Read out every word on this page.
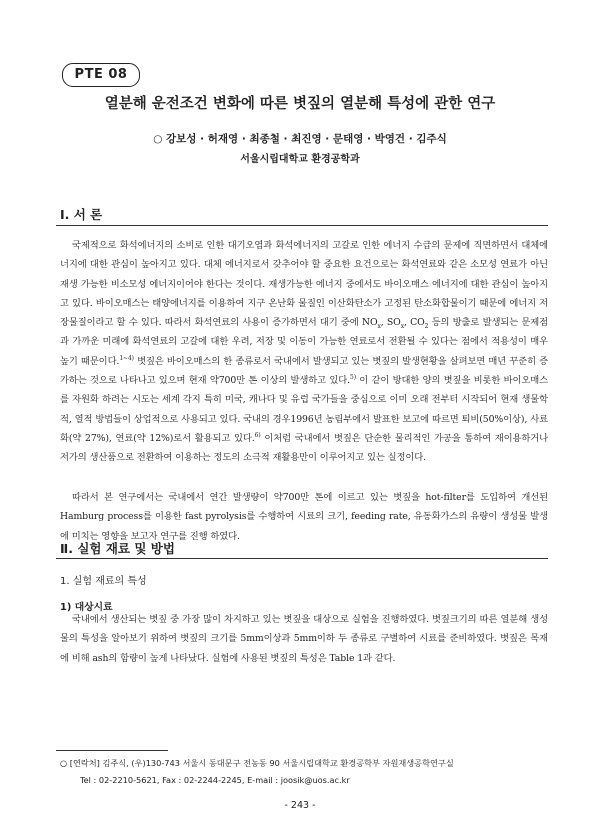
PTE 08
열분해 운전조건 변화에 따른 볏짚의 열분해 특성에 관한 연구
○ 강보성 · 허재영 · 최종철 · 최진영 · 문태영 · 박영건 · 김주식
서울시립대학교 환경공학과
Ⅰ. 서 론

국제적으로 화석에너지의 소비로 인한 대기오염과 화석에너지의 고갈로 인한 에너지 수급의 문제에 직면하면서 대체에너지에 대한 관심이 높아지고 있다. 대체 에너지로서 갖추어야 할 중요한 요건으로는 화석연료와 같은 소모성 연료가 아닌 재생 가능한 비소모성 에너지이어야 한다는 것이다. 재생가능한 에너지 중에서도 바이오매스 에너지에 대한 관심이 높아지고 있다. 바이오매스는 태양에너지를 이용하여 지구 온난화 물질인 이산화탄소가 고정된 탄소화합물이기 때문에 에너지 저장물질이라고 할 수 있다. 따라서 화석연료의 사용이 증가하면서 대기 중에 $NO_x$, $SO_x$, $CO_2$ 등의 방출로 발생되는 문제점과 가까운 미래에 화석연료의 고갈에 대한 우려, 저장 및 이동이 가능한 연료로서 전환될 수 있다는 점에서 적용성이 매우 높기 때문이다.$^{1\sim 4)}$ 볏짚은 바이오매스의 한 종류로서 국내에서 발생되고 있는 볏짚의 발생현황을 살펴보면 매년 꾸준히 증가하는 것으로 나타나고 있으며 현재 약700만 톤 이상의 발생하고 있다.$^{5)}$ 이 같이 방대한 양의 볏짚을 비롯한 바이오매스를 자원화 하려는 시도는 세계 각지 특히 미국, 캐나다 및 유럽 국가들을 중심으로 이미 오래 전부터 시작되어 현재 생물학적, 열적 방법들이 상업적으로 사용되고 있다. 국내의 경우1996년 농림부에서 발표한 보고에 따르면 퇴비(50%이상), 사료화(약 27%), 연료(약 12%)로서 활용되고 있다.$^{6)}$ 이처럼 국내에서 볏짚은 단순한 물리적인 가공을 통하여 재이용하거나 저가의 생산품으로 전환하여 이용하는 정도의 소극적 재활용만이 이루어지고 있는 실정이다.

따라서 본 연구에서는 국내에서 연간 발생량이 약700만 톤에 이르고 있는 볏짚을 hot-filter를 도입하여 개선된 Hamburg process를 이용한 fast pyrolysis를 수행하여 시료의 크기, feeding rate, 유동화가스의 유량이 생성물 발생에 미치는 영향을 보고자 연구를 진행 하였다.

Ⅱ. 실험 재료 및 방법
1. 실험 재료의 특성
1) 대상시료

국내에서 생산되는 볏짚 중 가장 많이 차지하고 있는 볏짚을 대상으로 실험을 진행하였다. 볏짚크기의 따른 열분해 생성물의 특성을 알아보기 위하여 볏짚의 크기를 5mm이상과 5mm이하 두 종류로 구별하여 시료를 준비하였다. 볏짚은 목재에 비해 ash의 함량이 높게 나타났다. 실험에 사용된 볏짚의 특성은 Table 1과 같다.

○ [연락처] 김주식, (우)130-743 서울시 동대문구 전농동 90 서울시립대학교 환경공학부 자원재생공학연구실
Tel : 02-2210-5621, Fax : 02-2244-2245, E-mail : joosik@uos.ac.kr
- 243 -
